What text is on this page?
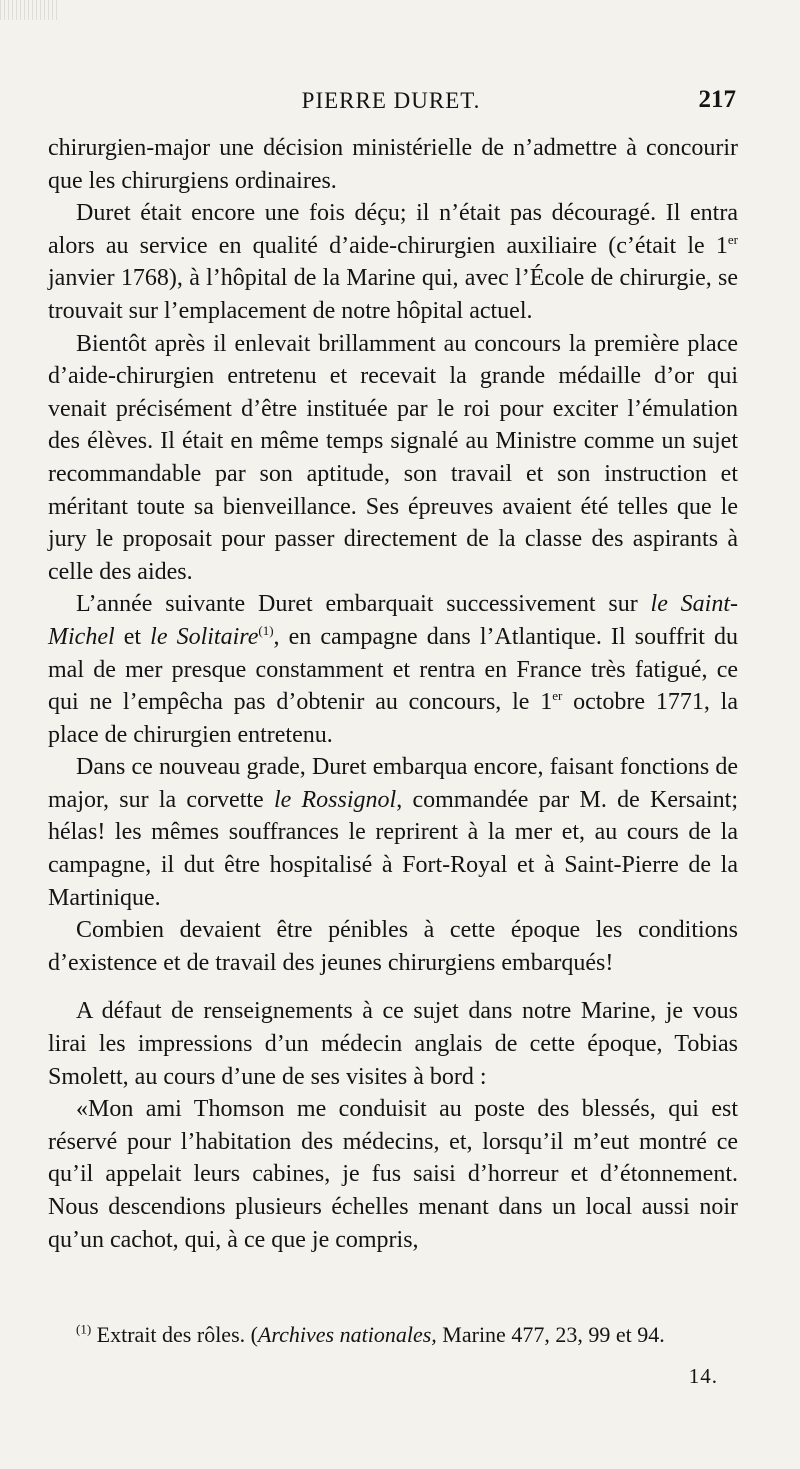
PIERRE DURET.	217

chirurgien-major une décision ministérielle de n’admettre à concourir que les chirurgiens ordinaires.

Duret était encore une fois déçu; il n’était pas découragé. Il entra alors au service en qualité d’aide-chirurgien auxiliaire (c’était le 1er janvier 1768), à l’hôpital de la Marine qui, avec l’École de chirurgie, se trouvait sur l’emplacement de notre hôpital actuel.

Bientôt après il enlevait brillamment au concours la première place d’aide-chirurgien entretenu et recevait la grande médaille d’or qui venait précisément d’être instituée par le roi pour exciter l’émulation des élèves. Il était en même temps signalé au Ministre comme un sujet recommandable par son aptitude, son travail et son instruction et méritant toute sa bienveillance. Ses épreuves avaient été telles que le jury le proposait pour passer directement de la classe des aspirants à celle des aides.

L’année suivante Duret embarquait successivement sur le Saint-Michel et le Solitaire$^{(1)}$, en campagne dans l’Atlantique. Il souffrit du mal de mer presque constamment et rentra en France très fatigué, ce qui ne l’empêcha pas d’obtenir au concours, le 1er octobre 1771, la place de chirurgien entretenu.

Dans ce nouveau grade, Duret embarqua encore, faisant fonctions de major, sur la corvette le Rossignol, commandée par M. de Kersaint; hélas! les mêmes souffrances le reprirent à la mer et, au cours de la campagne, il dut être hospitalisé à Fort-Royal et à Saint-Pierre de la Martinique.

Combien devaient être pénibles à cette époque les conditions d’existence et de travail des jeunes chirurgiens embarqués!

A défaut de renseignements à ce sujet dans notre Marine, je vous lirai les impressions d’un médecin anglais de cette époque, Tobias Smolett, au cours d’une de ses visites à bord :

«Mon ami Thomson me conduisit au poste des blessés, qui est réservé pour l’habitation des médecins, et, lorsqu’il m’eut montré ce qu’il appelait leurs cabines, je fus saisi d’horreur et d’étonnement. Nous descendions plusieurs échelles menant dans un local aussi noir qu’un cachot, qui, à ce que je compris,

$^{(1)}$ Extrait des rôles. (Archives nationales, Marine 477, 23, 99 et 94.
14.
